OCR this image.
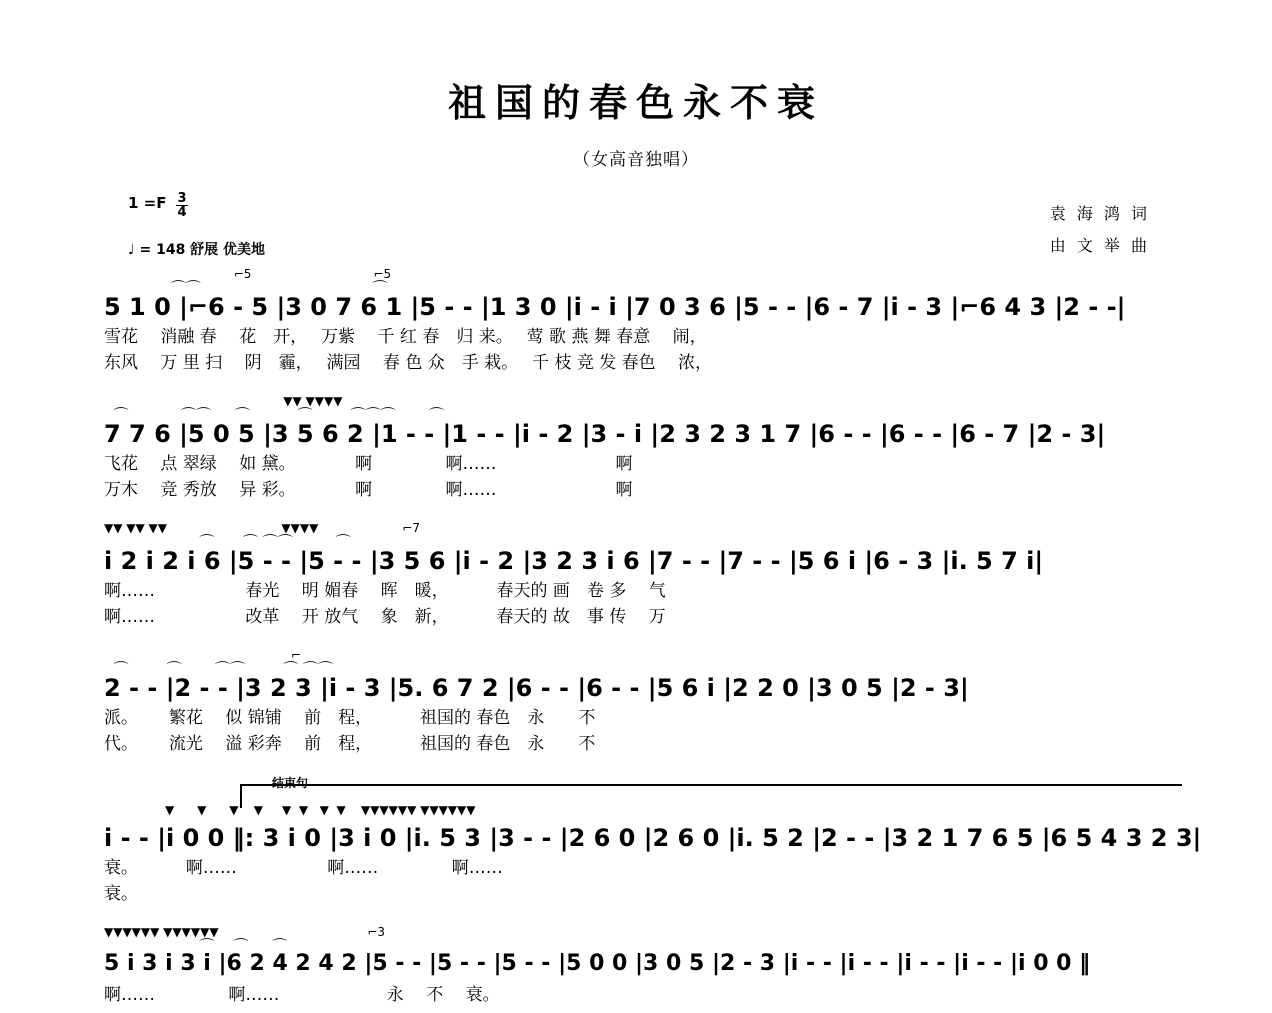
祖国的春色永不衰
（女高音独唱）
$1 =F \frac{3}{4}$
♩ = 148 舒展 优美地
袁 海 鸿 词
由 文 举 曲
⌐5                                ⌐5
⌒⌒                                    ⌒
5 1 0 |⌐6 - 5 |3 0 7 6 1 |5 - - |1 3 0 |ı̇ - i |7 0 3 6 |5 - - |6 - 7 |i - 3 |⌐6 4 3 |2 - -|
雪花　 消融 春　 花　开，　 万紫　 千 红 春　归 来。　 莺 歌 燕 舞 春意　 闹，
东风　 万 里 扫　 阴　霾，　 满园　 春 色 众　手 栽。　 千 枝 竞 发 春色　 浓，
▼▼ ▼▼▼▼
⌒           ⌒⌒     ⌒          ⌒        ⌒⌒⌒       ⌒
7 7 6 |5 0 5 |3 5 6 2 |1 - - |1 - - |i - 2 |3 - i |2 3 2 3 1 7 |6 - - |6 - - |6 - 7 |2 - 3|
飞花　 点 翠绿　 如 黛。　　　　啊　　　　 啊……　　　　　　　啊
万木　 竞 秀放　 异 彩。　　　　啊　　　　 啊……　　　　　　　啊
▼▼ ▼▼ ▼▼                              ▼▼▼▼                      ⌐7
⌒      ⌒ ⌒⌒         ⌒
i 2 i 2 i 6 |5 - - |5 - - |3 5 6 |i - 2 |3 2 3 i 6 |7 - - |7 - - |5 6 i |6 - 3 |i. 5 7 i|
啊……　　　　　 春光　 明 媚春　 晖　暖，　　　 春天的 画　卷 多　 气
啊……　　　　　 改革　 开 放气　 象　新，　　　 春天的 故　事 传　 万
⌐
⌒        ⌒       ⌒⌒        ⌒ ⌒⌒
2 - - |2 - - |3 2 3 |i - 3 |5. 6 7 2 |6 - - |6 - - |5 6 i |2 2 0 |3 0 5 |2 - 3|
派。　　 繁花　 似 锦铺　 前　程，　　　 祖国的 春色　永　　不
代。　　 流光　 溢 彩奔　 前　程，　　　 祖国的 春色　永　　不
结束句
▼      ▼      ▼    ▼     ▼  ▼   ▼  ▼    ▼▼▼▼▼▼ ▼▼▼▼▼▼
i - - |i 0 0 ‖: 3 i 0 |3 i 0 |i. 5 3 |3 - - |2 6 0 |2 6 0 |i. 5 2 |2 - - |3 2 1 7 6 5 |6 5 4 3 2 3|
衰。　　　 啊……　　　　　 啊……　　　　 啊……
衰。
▼▼▼▼▼▼ ▼▼▼▼▼▼                                       ⌐3
⌒    ⌒     ⌒
5 i 3 i 3 i |6 2 4 2 4 2 |5 - - |5 - - |5 - - |5 0 0 |3 0 5 |2 - 3 |i - - |i - - |i - - |i - - |i 0 0 ‖
啊……　　　　 啊……　　　　　　 永　 不　 衰。
